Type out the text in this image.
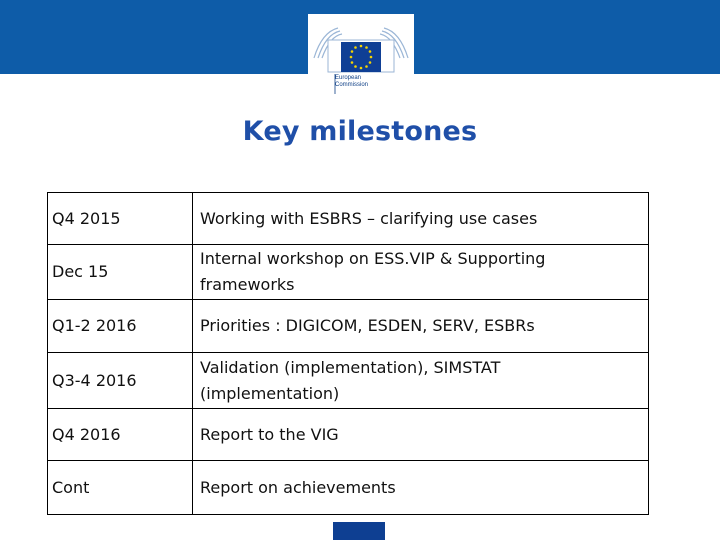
European
Commission
Key milestones
Q4 2015	Working with ESBRS – clarifying use cases
Dec 15	Internal workshop on ESS.VIP & Supporting frameworks
Q1-2 2016	Priorities : DIGICOM, ESDEN, SERV, ESBRs
Q3-4 2016	Validation (implementation), SIMSTAT (implementation)
Q4 2016	Report to the VIG
Cont	Report on achievements
